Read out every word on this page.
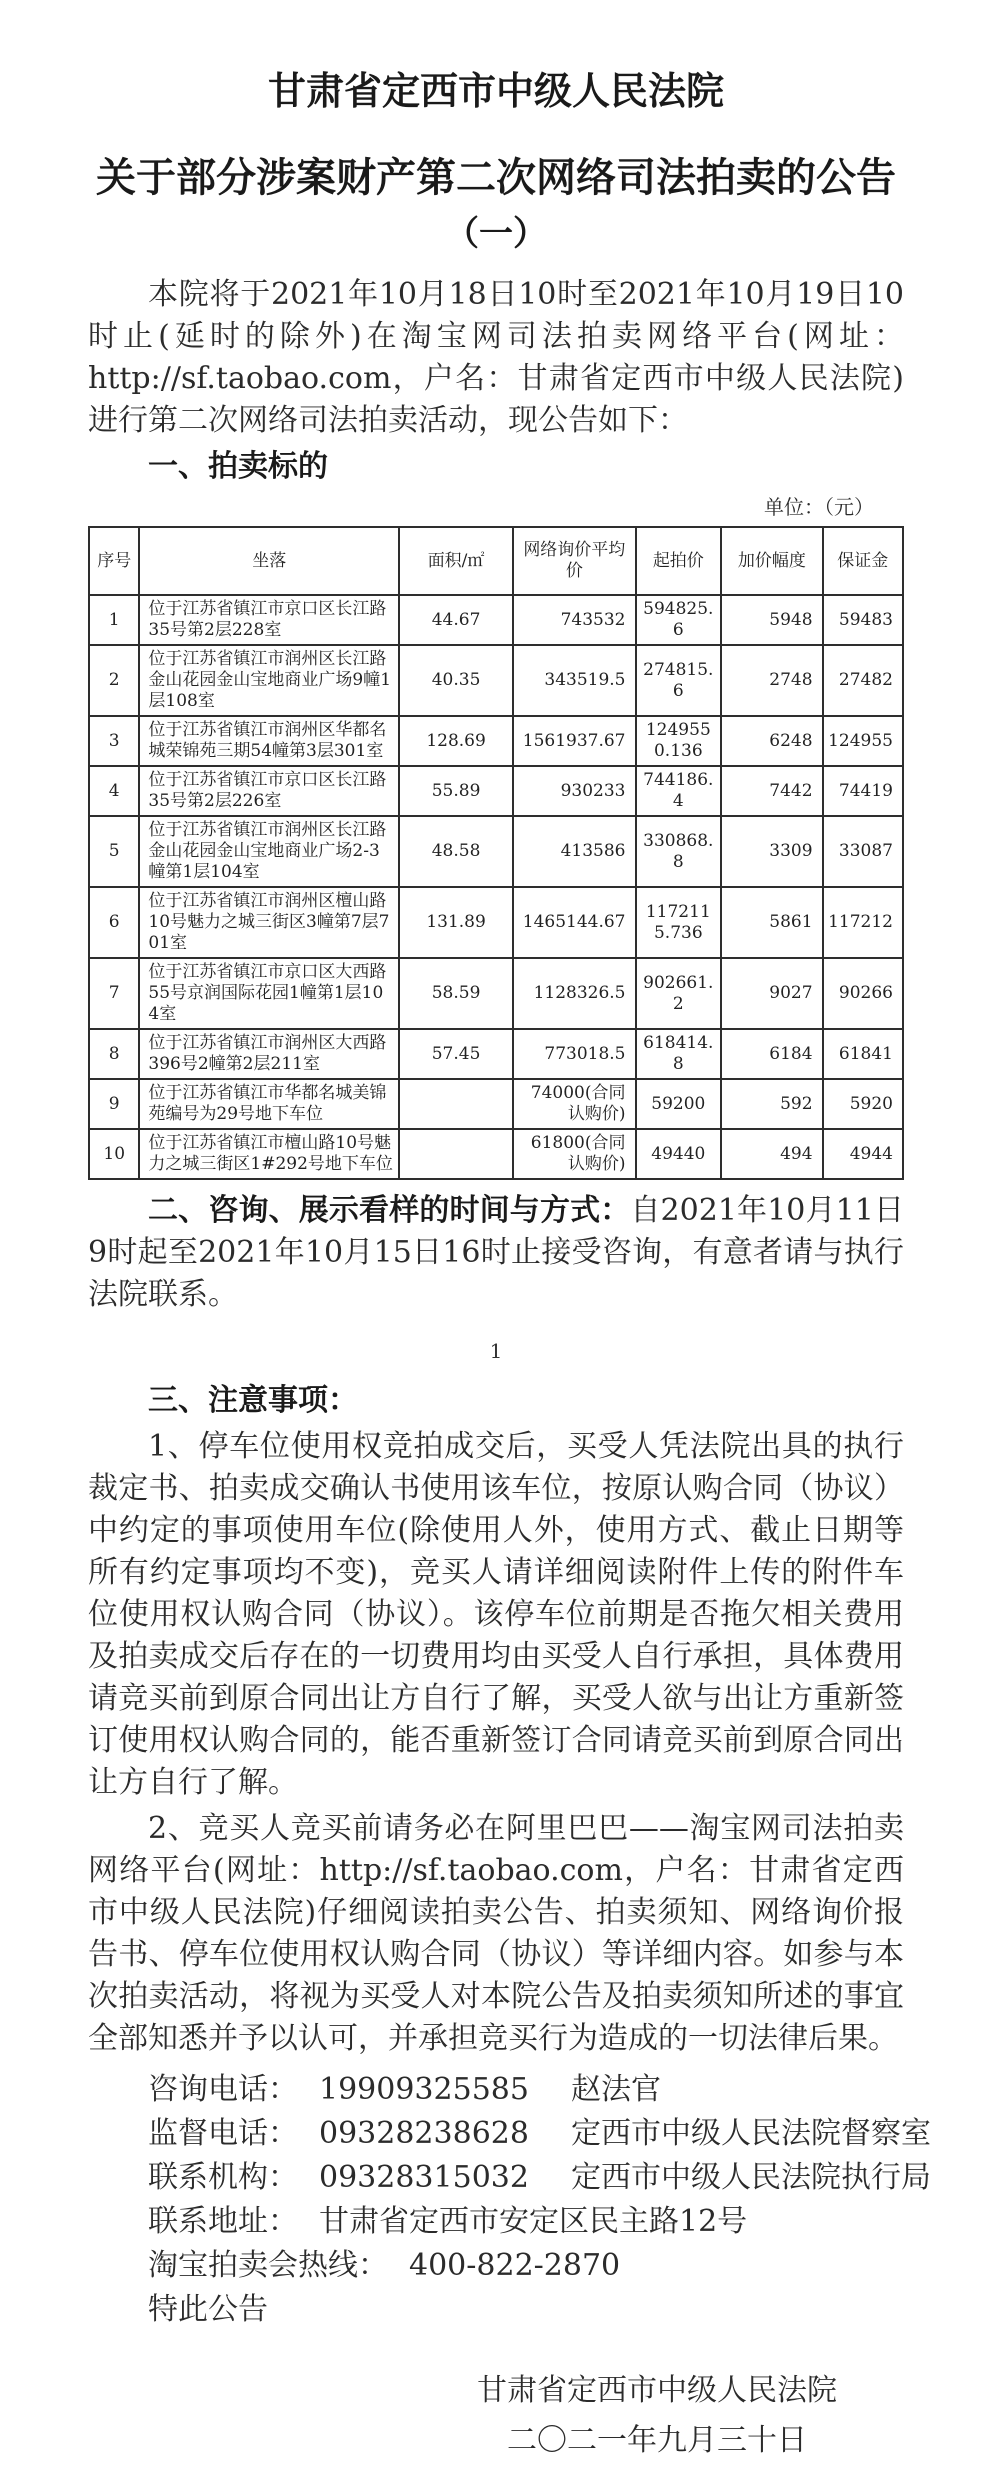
甘肃省定西市中级人民法院
关于部分涉案财产第二次网络司法拍卖的公告
（一）

本院将于2021年10月18日10时至2021年10月19日10时止(延时的除外)在淘宝网司法拍卖网络平台(网址：http://sf.taobao.com，户名：甘肃省定西市中级人民法院)进行第二次网络司法拍卖活动，现公告如下：

一、拍卖标的
单位：（元）
序号	坐落	面积/㎡	网络询价平均价	起拍价	加价幅度	保证金
1	位于江苏省镇江市京口区长江路35号第2层228室	44.67	743532	594825.6	5948	59483
2	位于江苏省镇江市润州区长江路金山花园金山宝地商业广场9幢1层108室	40.35	343519.5	274815.6	2748	27482
3	位于江苏省镇江市润州区华都名城荣锦苑三期54幢第3层301室	128.69	1561937.67	1249550.136	6248	124955
4	位于江苏省镇江市京口区长江路35号第2层226室	55.89	930233	744186.4	7442	74419
5	位于江苏省镇江市润州区长江路金山花园金山宝地商业广场2-3幢第1层104室	48.58	413586	330868.8	3309	33087
6	位于江苏省镇江市润州区檀山路10号魅力之城三街区3幢第7层701室	131.89	1465144.67	1172115.736	5861	117212
7	位于江苏省镇江市京口区大西路55号京润国际花园1幢第1层104室	58.59	1128326.5	902661.2	9027	90266
8	位于江苏省镇江市润州区大西路396号2幢第2层211室	57.45	773018.5	618414.8	6184	61841
9	位于江苏省镇江市华都名城美锦苑编号为29号地下车位		74000(合同认购价)	59200	592	5920
10	位于江苏省镇江市檀山路10号魅力之城三街区1#292号地下车位		61800(合同认购价)	49440	494	4944

二、咨询、展示看样的时间与方式：自2021年10月11日9时起至2021年10月15日16时止接受咨询，有意者请与执行法院联系。

1
三、注意事项：

1、停车位使用权竞拍成交后，买受人凭法院出具的执行裁定书、拍卖成交确认书使用该车位，按原认购合同（协议）中约定的事项使用车位(除使用人外，使用方式、截止日期等所有约定事项均不变)，竞买人请详细阅读附件上传的附件车位使用权认购合同（协议）。该停车位前期是否拖欠相关费用及拍卖成交后存在的一切费用均由买受人自行承担，具体费用请竞买前到原合同出让方自行了解，买受人欲与出让方重新签订使用权认购合同的，能否重新签订合同请竞买前到原合同出让方自行了解。

2、竞买人竞买前请务必在阿里巴巴——淘宝网司法拍卖网络平台(网址：http://sf.taobao.com，户名：甘肃省定西市中级人民法院)仔细阅读拍卖公告、拍卖须知、网络询价报告书、停车位使用权认购合同（协议）等详细内容。如参与本次拍卖活动，将视为买受人对本院公告及拍卖须知所述的事宜全部知悉并予以认可，并承担竞买行为造成的一切法律后果。

咨询电话： 19909325585 赵法官
监督电话： 09328238628 定西市中级人民法院督察室
联系机构： 09328315032 定西市中级人民法院执行局
联系地址： 甘肃省定西市安定区民主路12号
淘宝拍卖会热线： 400-822-2870
特此公告
甘肃省定西市中级人民法院
二〇二一年九月三十日
